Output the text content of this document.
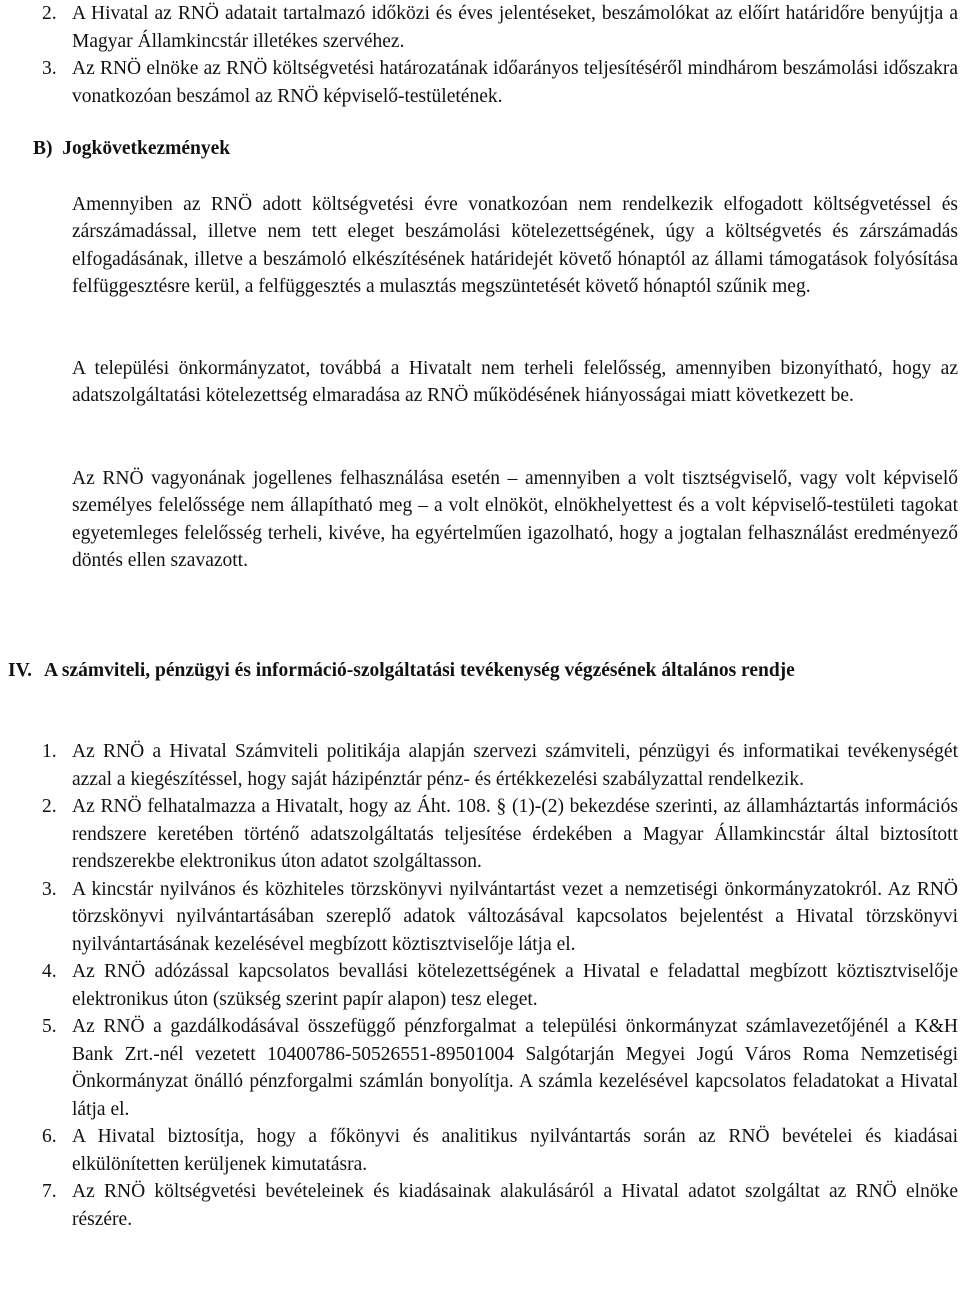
2. A Hivatal az RNÖ adatait tartalmazó időközi és éves jelentéseket, beszámolókat az előírt határidőre benyújtja a Magyar Államkincstár illetékes szervéhez.
3. Az RNÖ elnöke az RNÖ költségvetési határozatának időarányos teljesítéséről mindhárom beszámolási időszakra vonatkozóan beszámol az RNÖ képviselő-testületének.
B)  Jogkövetkezmények

Amennyiben az RNÖ adott költségvetési évre vonatkozóan nem rendelkezik elfogadott költségvetéssel és zárszámadással, illetve nem tett eleget beszámolási kötelezettségének, úgy a költségvetés és zárszámadás elfogadásának, illetve a beszámoló elkészítésének határidejét követő hónaptól az állami támogatások folyósítása felfüggesztésre kerül, a felfüggesztés a mulasztás megszüntetését követő hónaptól szűnik meg.

A települési önkormányzatot, továbbá a Hivatalt nem terheli felelősség, amennyiben bizonyítható, hogy az adatszolgáltatási kötelezettség elmaradása az RNÖ működésének hiányosságai miatt következett be.

Az RNÖ vagyonának jogellenes felhasználása esetén – amennyiben a volt tisztségviselő, vagy volt képviselő személyes felelőssége nem állapítható meg – a volt elnököt, elnökhelyettest és a volt képviselő-testületi tagokat egyetemleges felelősség terheli, kivéve, ha egyértelműen igazolható, hogy a jogtalan felhasználást eredményező döntés ellen szavazott.

IV. A számviteli, pénzügyi és információ-szolgáltatási tevékenység végzésének általános rendje
1. Az RNÖ a Hivatal Számviteli politikája alapján szervezi számviteli, pénzügyi és informatikai tevékenységét azzal a kiegészítéssel, hogy saját házipénztár pénz- és értékkezelési szabályzattal rendelkezik.
2. Az RNÖ felhatalmazza a Hivatalt, hogy az Áht. 108. § (1)-(2) bekezdése szerinti, az államháztartás információs rendszere keretében történő adatszolgáltatás teljesítése érdekében a Magyar Államkincstár által biztosított rendszerekbe elektronikus úton adatot szolgáltasson.
3. A kincstár nyilvános és közhiteles törzskönyvi nyilvántartást vezet a nemzetiségi önkormányzatokról. Az RNÖ törzskönyvi nyilvántartásában szereplő adatok változásával kapcsolatos bejelentést a Hivatal törzskönyvi nyilvántartásának kezelésével megbízott köztisztviselője látja el.
4. Az RNÖ adózással kapcsolatos bevallási kötelezettségének a Hivatal e feladattal megbízott köztisztviselője elektronikus úton (szükség szerint papír alapon) tesz eleget.
5. Az RNÖ a gazdálkodásával összefüggő pénzforgalmat a települési önkormányzat számlavezetőjénél a K&H Bank Zrt.-nél vezetett 10400786-50526551-89501004 Salgótarján Megyei Jogú Város Roma Nemzetiségi Önkormányzat önálló pénzforgalmi számlán bonyolítja. A számla kezelésével kapcsolatos feladatokat a Hivatal látja el.
6. A Hivatal biztosítja, hogy a főkönyvi és analitikus nyilvántartás során az RNÖ bevételei és kiadásai elkülönítetten kerüljenek kimutatásra.
7. Az RNÖ költségvetési bevételeinek és kiadásainak alakulásáról a Hivatal adatot szolgáltat az RNÖ elnöke részére.
